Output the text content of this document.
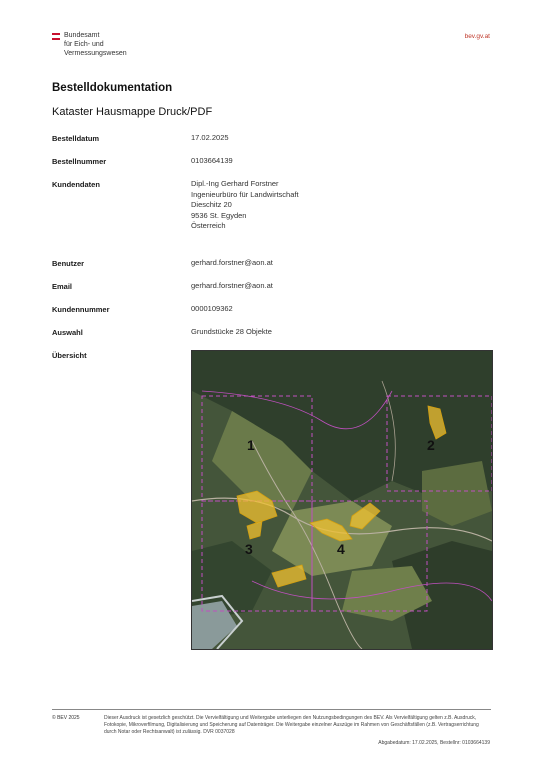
Bundesamt
für Eich- und
Vermessungswesen
bev.gv.at
Bestelldokumentation
Kataster Hausmappe Druck/PDF
Bestelldatum	17.02.2025
Bestellnummer	0103664139
Kundendaten	Dipl.-Ing Gerhard Forstner
Ingenieurbüro für Landwirtschaft
Dieschitz 20
9536 St. Egyden
Österreich
Benutzer	gerhard.forstner@aon.at
Email	gerhard.forstner@aon.at
Kundennummer	0000109362
Auswahl	Grundstücke 28 Objekte
Übersicht
1	2
3	4
© BEV 2025	Dieser Ausdruck ist gesetzlich geschützt. Die Vervielfältigung und Weitergabe unterliegen den Nutzungsbedingungen des BEV. Als Vervielfältigung gelten z.B. Ausdruck, Fotokopie, Mikroverfilmung, Digitalisierung und Speicherung auf Datenträger. Die Weitergabe einzelner Auszüge im Rahmen von Geschäftsfällen (z.B. Vertragserrichtung durch Notar oder Rechtsanwalt) ist zulässig. DVR 0037028
Abgabedatum: 17.02.2025, Bestellnr: 0103664139
